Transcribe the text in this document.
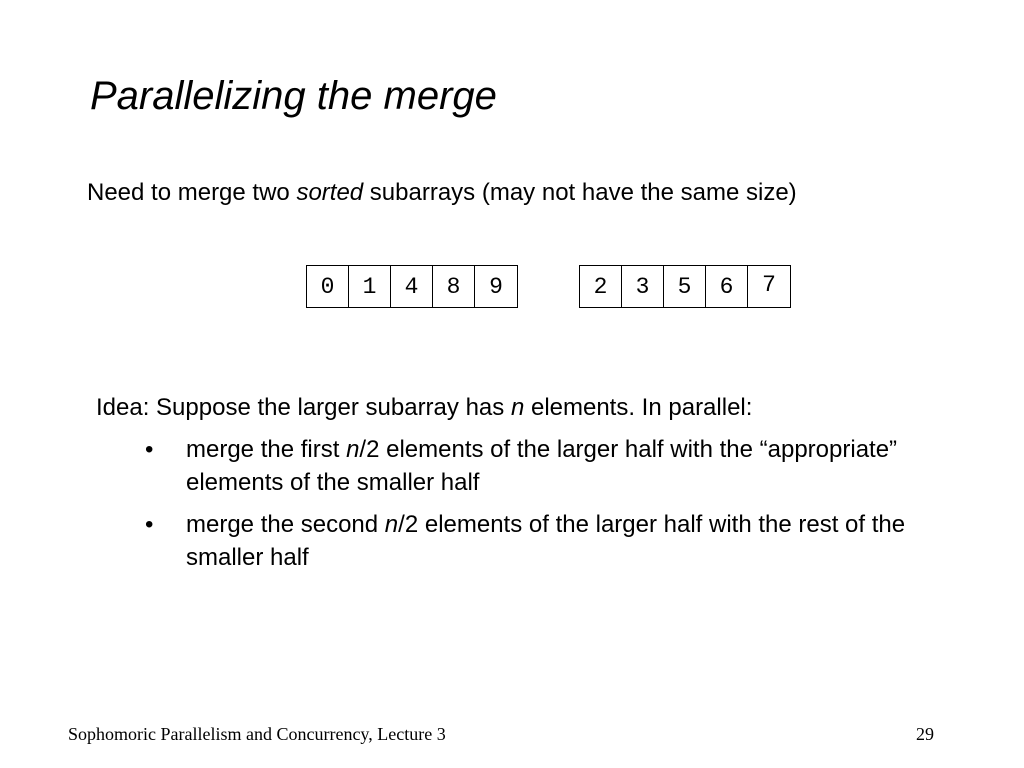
Parallelizing the merge
Need to merge two sorted subarrays (may not have the same size)
0	1	4	8	9	2	3	5	6	7
Idea: Suppose the larger subarray has n elements. In parallel:
• merge the first n/2 elements of the larger half with the “appropriate” elements of the smaller half
• merge the second n/2 elements of the larger half with the rest of the smaller half
Sophomoric Parallelism and Concurrency, Lecture 3	29
